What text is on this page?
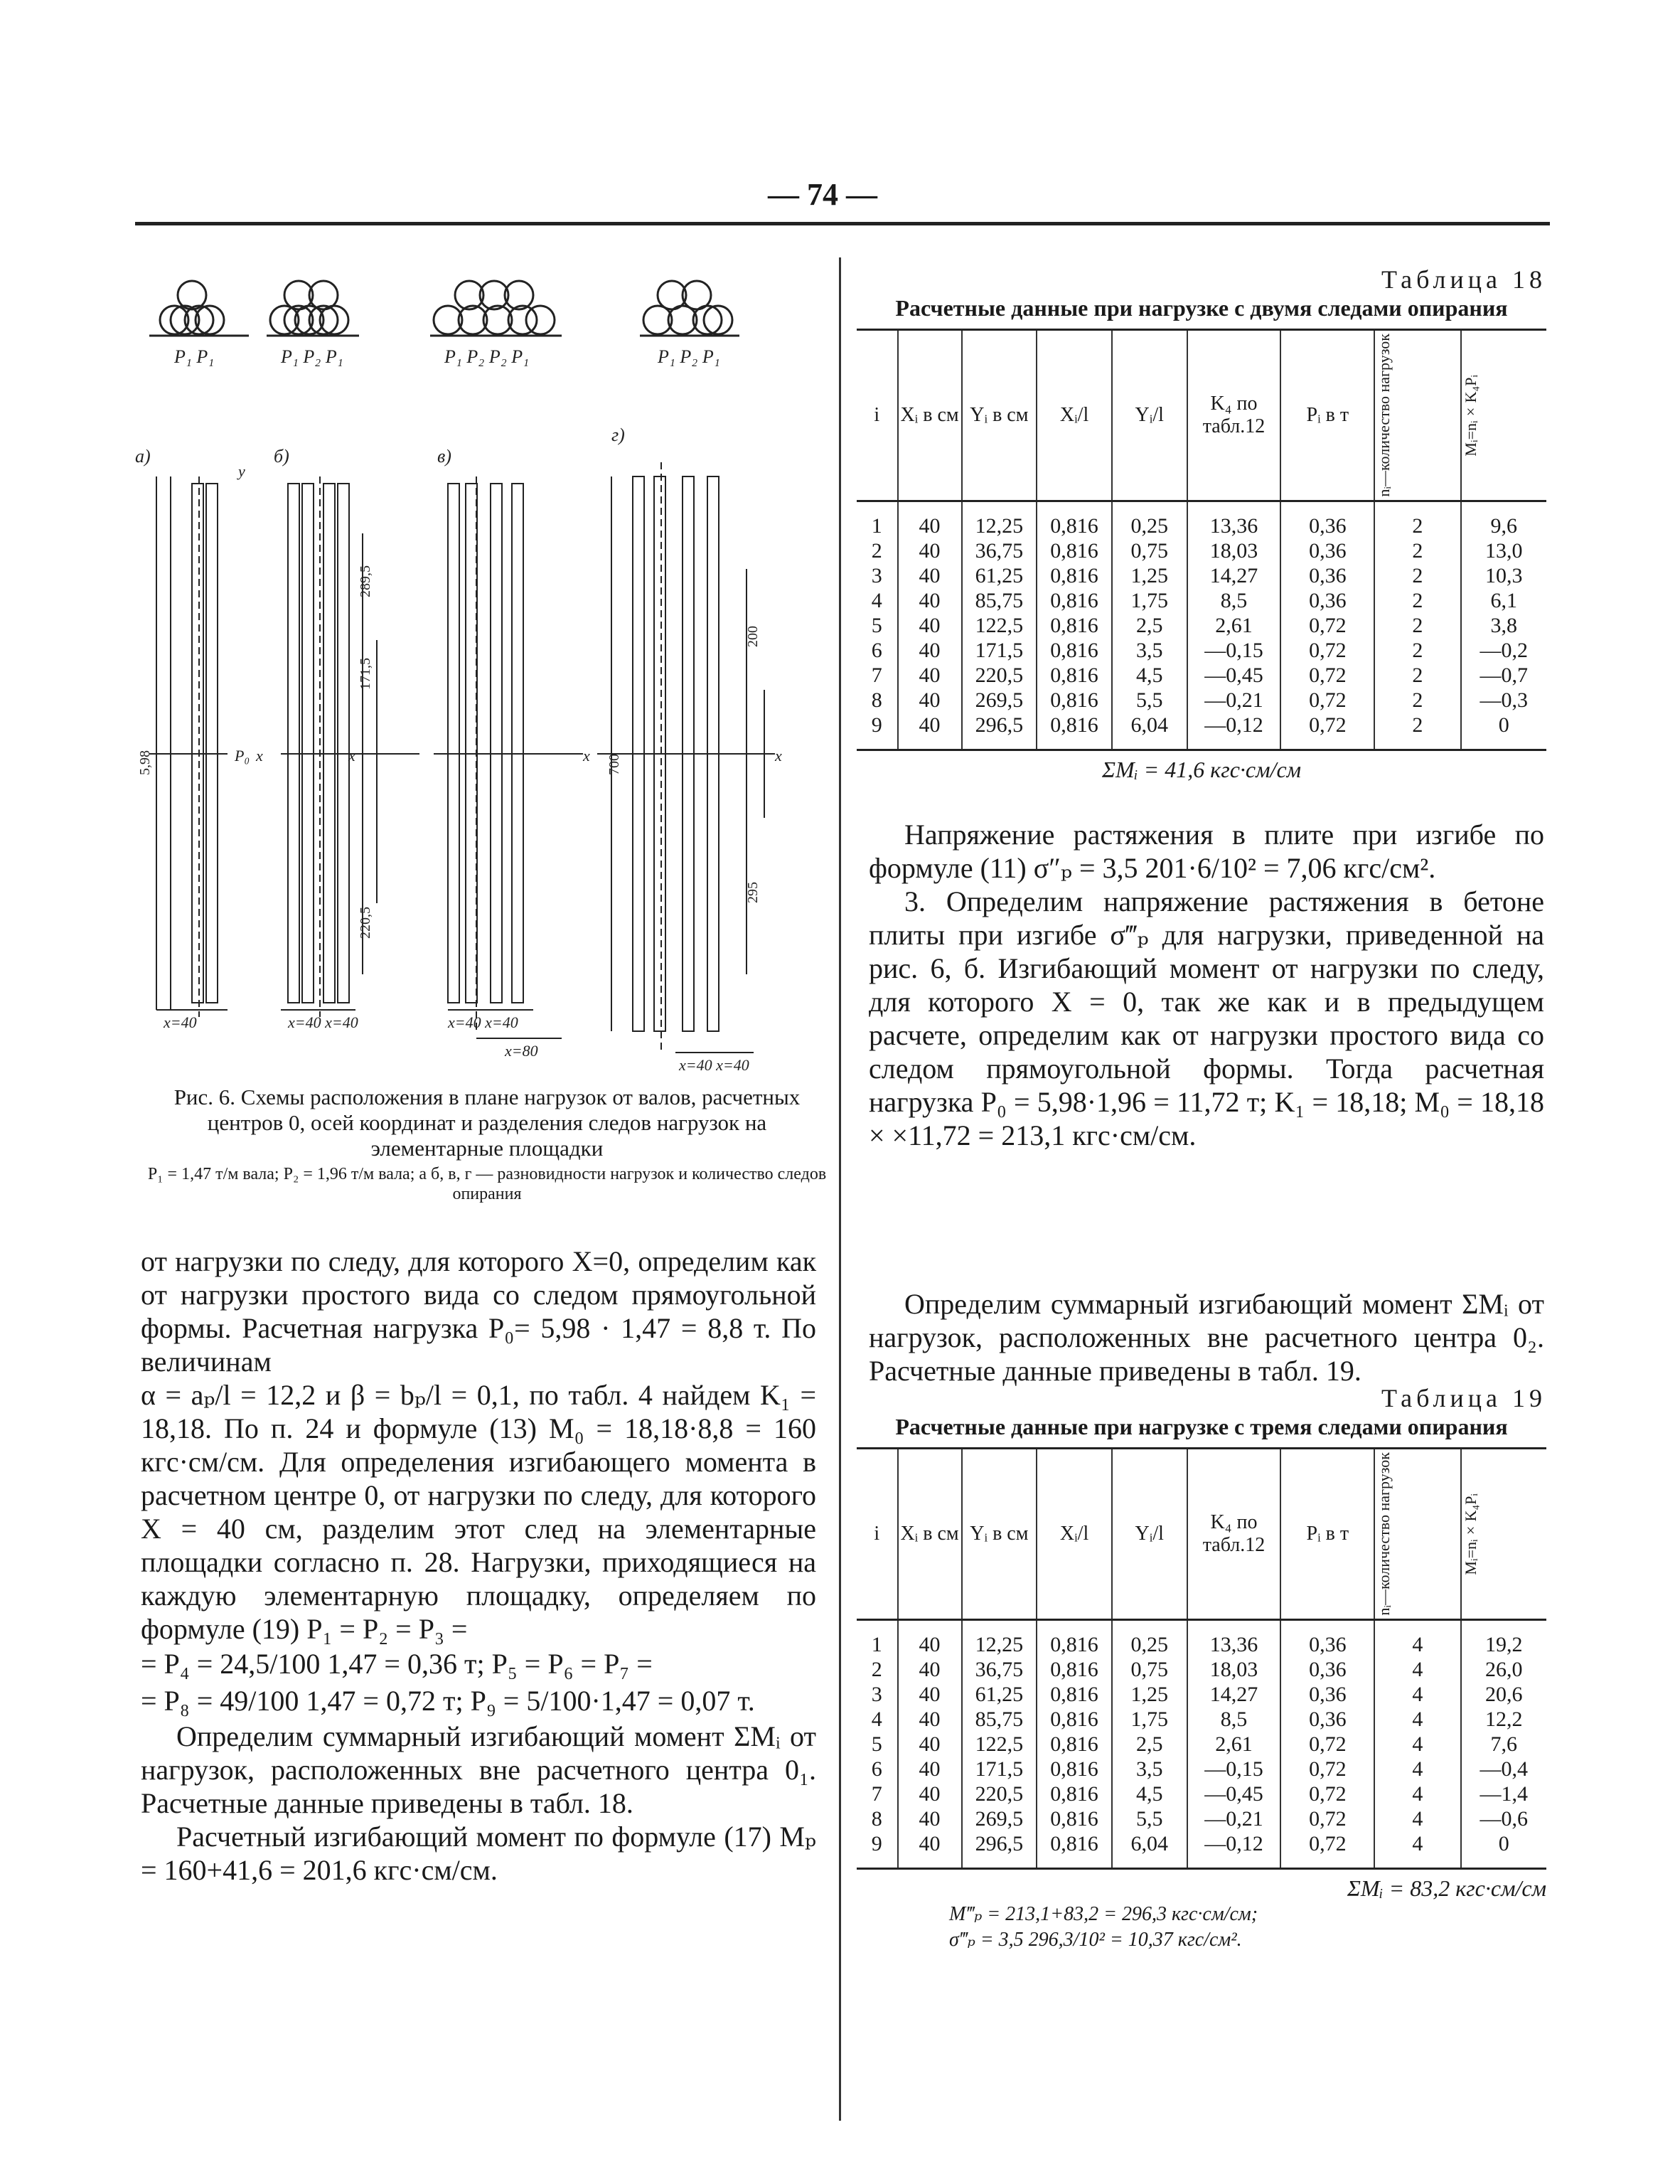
— 74 —
P₁ P₁	P₁ P₂ P₁	P₁ P₂ P₂ P₁	P₁ P₂ P₁
а)	б)	в)
г)
P₀ x
y
x	x	x
x=40	x=40 x=40	x=40 x=40
x=80
x=40 x=40
5,98
289,5
171,5
220,5
700
200
295
Рис. 6. Схемы расположения в плане нагрузок от валов, расчетных центров 0, осей координат и разделения следов нагрузок на элементарные площадки
P₁ = 1,47 т/м вала; P₂ = 1,96 т/м вала; а б, в, г — разновидности нагрузок и количество следов опирания

от нагрузки по следу, для которого X=0, определим как от нагрузки простого вида со следом прямоугольной формы. Расчетная нагрузка P₀= 5,98 · 1,47 = 8,8 т. По величинам

α = aₚ/l = 12,2 и β = bₚ/l = 0,1, по табл. 4 найдем K₁ = 18,18. По п. 24 и формуле (13) M₀ = 18,18·8,8 = 160 кгс·см/см. Для определения изгибающего момента в расчетном центре 0, от нагрузки по следу, для которого X = 40 см, разделим этот след на элементарные площадки согласно п. 28. Нагрузки, приходящиеся на каждую элементарную площадку, определяем по формуле (19) P₁ = P₂ = P₃ =

= P₄ = 24,5/100 1,47 = 0,36 т; P₅ = P₆ = P₇ =

= P₈ = 49/100 1,47 = 0,72 т; P₉ = 5/100·1,47 = 0,07 т.

Определим суммарный изгибающий момент ΣMᵢ от нагрузок, расположенных вне расчетного центра 0₁. Расчетные данные приведены в табл. 18.

Расчетный изгибающий момент по формуле (17) Mₚ = 160+41,6 = 201,6 кгс·см/см.

Таблица 18
Расчетные данные при нагрузке с двумя следами опирания
i	Xᵢ в см	Yᵢ в см	Xᵢ/l	Yᵢ/l	K₄ по табл.12	Pᵢ в т	nᵢ—количество нагрузок	Mᵢ=nᵢ×K₄Pᵢ

1	40	12,25	0,816	0,25	13,36	0,36	2	9,6
2	40	36,75	0,816	0,75	18,03	0,36	2	13,0
3	40	61,25	0,816	1,25	14,27	0,36	2	10,3
4	40	85,75	0,816	1,75	8,5	0,36	2	6,1
5	40	122,5	0,816	2,5	2,61	0,72	2	3,8
6	40	171,5	0,816	3,5	—0,15	0,72	2	—0,2
7	40	220,5	0,816	4,5	—0,45	0,72	2	—0,7
8	40	269,5	0,816	5,5	—0,21	0,72	2	—0,3
9	40	296,5	0,816	6,04	—0,12	0,72	2	0
ΣMᵢ = 41,6 кгс·см/см

Напряжение растяжения в плите при изгибе по формуле (11) σ″ₚ = 3,5 201·6/10² = 7,06 кгс/см².

3. Определим напряжение растяжения в бетоне плиты при изгибе σ‴ₚ для нагрузки, приведенной на рис. 6, б. Изгибающий момент от нагрузки по следу, для которого X = 0, так же как и в предыдущем расчете, определим как от нагрузки простого вида со следом прямоугольной формы. Тогда расчетная нагрузка P₀ = 5,98·1,96 = 11,72 т; K₁ = 18,18; M₀ = 18,18 × ×11,72 = 213,1 кгс·см/см.

Определим суммарный изгибающий момент ΣMᵢ от нагрузок, расположенных вне расчетного центра 0₂. Расчетные данные приведены в табл. 19.

Таблица 19
Расчетные данные при нагрузке с тремя следами опирания
i	Xᵢ в см	Yᵢ в см	Xᵢ/l	Yᵢ/l	K₄ по табл.12	Pᵢ в т	nᵢ—количество нагрузок	Mᵢ=nᵢ×K₄Pᵢ

1	40	12,25	0,816	0,25	13,36	0,36	4	19,2
2	40	36,75	0,816	0,75	18,03	0,36	4	26,0
3	40	61,25	0,816	1,25	14,27	0,36	4	20,6
4	40	85,75	0,816	1,75	8,5	0,36	4	12,2
5	40	122,5	0,816	2,5	2,61	0,72	4	7,6
6	40	171,5	0,816	3,5	—0,15	0,72	4	—0,4
7	40	220,5	0,816	4,5	—0,45	0,72	4	—1,4
8	40	269,5	0,816	5,5	—0,21	0,72	4	—0,6
9	40	296,5	0,816	6,04	—0,12	0,72	4	0
ΣMᵢ = 83,2 кгс·см/см
M‴ₚ = 213,1+83,2 = 296,3 кгс·см/см;
σ‴ₚ = 3,5 296,3/10² = 10,37 кгс/см².
